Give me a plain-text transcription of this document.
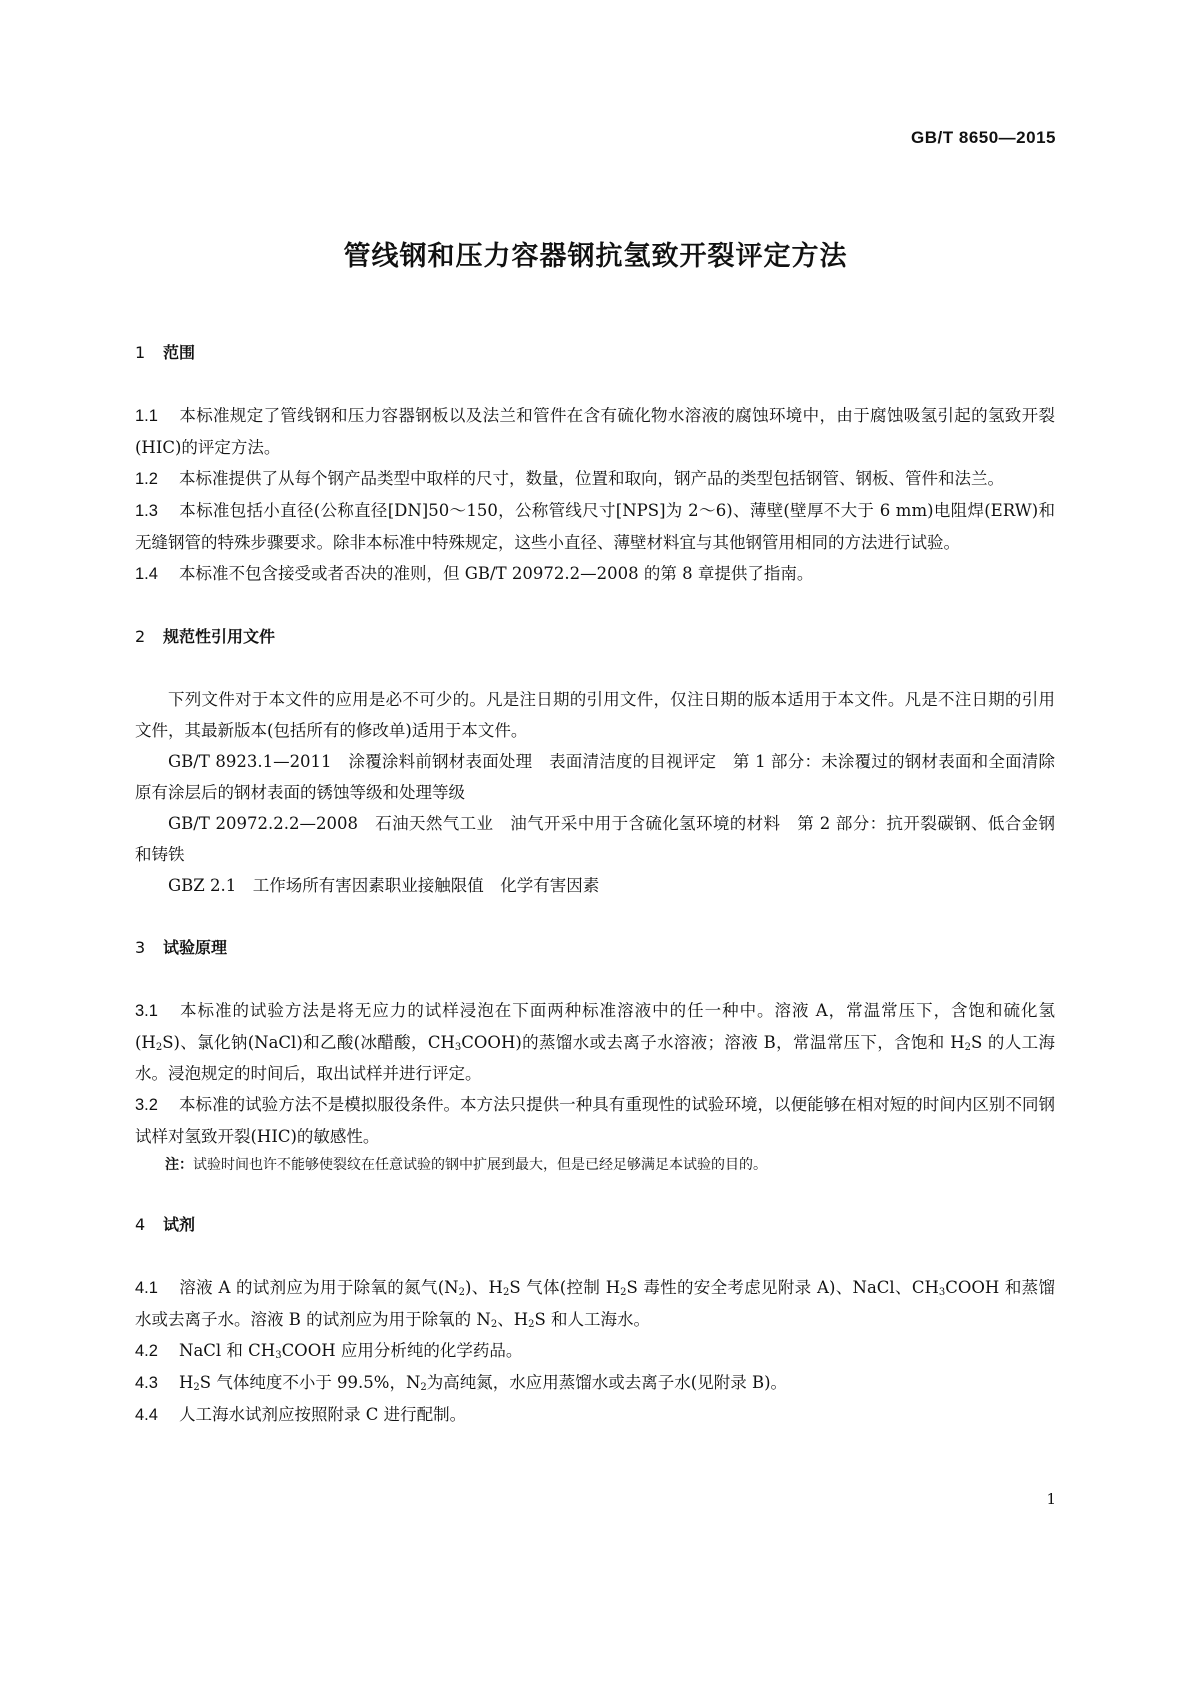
GB/T 8650—2015
管线钢和压力容器钢抗氢致开裂评定方法
1 范围

1.1 本标准规定了管线钢和压力容器钢板以及法兰和管件在含有硫化物水溶液的腐蚀环境中，由于腐蚀吸氢引起的氢致开裂(HIC)的评定方法。

1.2 本标准提供了从每个钢产品类型中取样的尺寸，数量，位置和取向，钢产品的类型包括钢管、钢板、管件和法兰。

1.3 本标准包括小直径(公称直径[DN]50～150，公称管线尺寸[NPS]为 2～6)、薄壁(壁厚不大于 6 mm)电阻焊(ERW)和无缝钢管的特殊步骤要求。除非本标准中特殊规定，这些小直径、薄壁材料宜与其他钢管用相同的方法进行试验。

1.4 本标准不包含接受或者否决的准则，但 GB/T 20972.2—2008 的第 8 章提供了指南。

2 规范性引用文件

下列文件对于本文件的应用是必不可少的。凡是注日期的引用文件，仅注日期的版本适用于本文件。凡是不注日期的引用文件，其最新版本(包括所有的修改单)适用于本文件。

GB/T 8923.1—2011　涂覆涂料前钢材表面处理　表面清洁度的目视评定　第 1 部分：未涂覆过的钢材表面和全面清除原有涂层后的钢材表面的锈蚀等级和处理等级

GB/T 20972.2.2—2008　石油天然气工业　油气开采中用于含硫化氢环境的材料　第 2 部分：抗开裂碳钢、低合金钢和铸铁

GBZ 2.1　工作场所有害因素职业接触限值　化学有害因素

3 试验原理

3.1 本标准的试验方法是将无应力的试样浸泡在下面两种标准溶液中的任一种中。溶液 A，常温常压下，含饱和硫化氢$(H_2S)$、氯化钠(NaCl)和乙酸(冰醋酸，$CH_3COOH$)的蒸馏水或去离子水溶液；溶液 B，常温常压下，含饱和 $H_2S$ 的人工海水。浸泡规定的时间后，取出试样并进行评定。

3.2 本标准的试验方法不是模拟服役条件。本方法只提供一种具有重现性的试验环境，以便能够在相对短的时间内区别不同钢试样对氢致开裂(HIC)的敏感性。

注：试验时间也许不能够使裂纹在任意试验的钢中扩展到最大，但是已经足够满足本试验的目的。

4 试剂

4.1 溶液 A 的试剂应为用于除氧的氮气$(N_2)$、$H_2S$ 气体(控制 $H_2S$ 毒性的安全考虑见附录 A)、NaCl、$CH_3COOH$ 和蒸馏水或去离子水。溶液 B 的试剂应为用于除氧的 $N_2$、$H_2S$ 和人工海水。

4.2 NaCl 和 $CH_3COOH$ 应用分析纯的化学药品。

4.3 $H_2S$ 气体纯度不小于 99.5%，$N_2$为高纯氮，水应用蒸馏水或去离子水(见附录 B)。

4.4 人工海水试剂应按照附录 C 进行配制。

1
